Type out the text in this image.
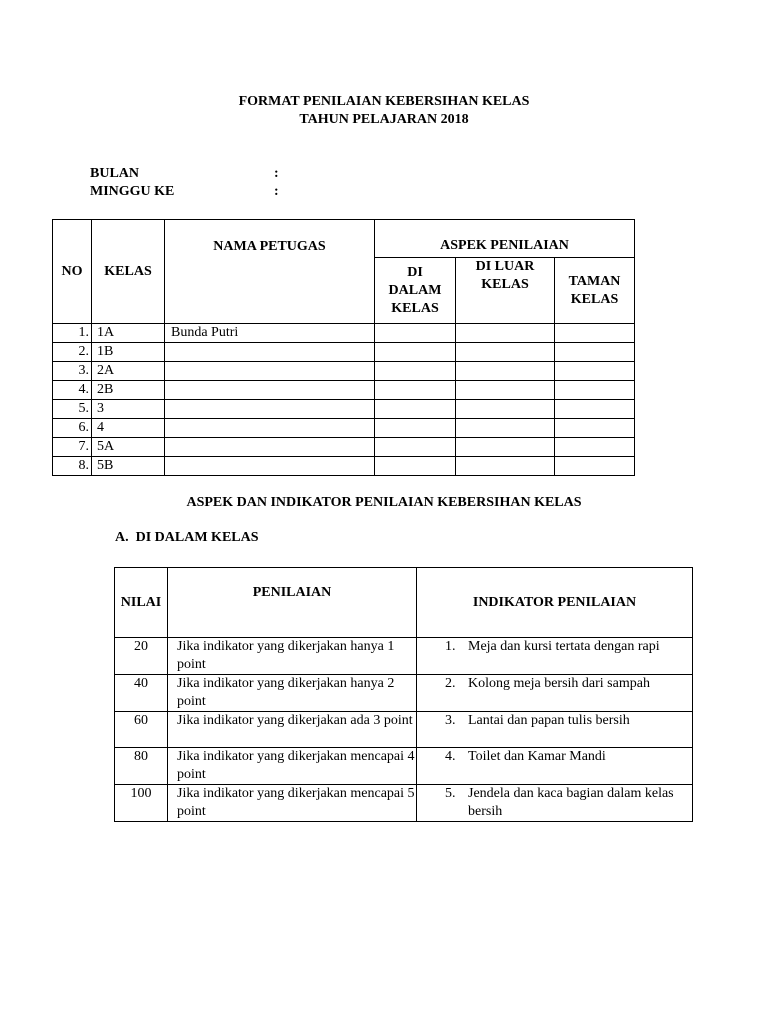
FORMAT PENILAIAN KEBERSIHAN KELAS
TAHUN PELAJARAN 2018
BULAN	:
MINGGU KE	:
NO	KELAS	NAMA PETUGAS	ASPEK PENILAIAN		
			DI DALAM KELAS	DI LUAR KELAS	TAMAN KELAS
1.	1A	Bunda Putri			
2.	1B				
3.	2A				
4.	2B				
5.	3				
6.	4				
7.	5A				
8.	5B				
ASPEK DAN INDIKATOR PENILAIAN KEBERSIHAN KELAS
A.  DI DALAM KELAS
NILAI	PENILAIAN	INDIKATOR PENILAIAN
20	Jika indikator yang dikerjakan hanya 1 point	1. Meja dan kursi tertata dengan rapi

40	Jika indikator yang dikerjakan hanya 2 point	2. Kolong meja bersih dari sampah

60	Jika indikator yang dikerjakan ada 3 point	3. Lantai dan papan tulis bersih

80	Jika indikator yang dikerjakan mencapai 4 point	4. Toilet dan Kamar Mandi

100	Jika indikator yang dikerjakan mencapai 5 point	5. Jendela dan kaca bagian dalam kelas bersih
